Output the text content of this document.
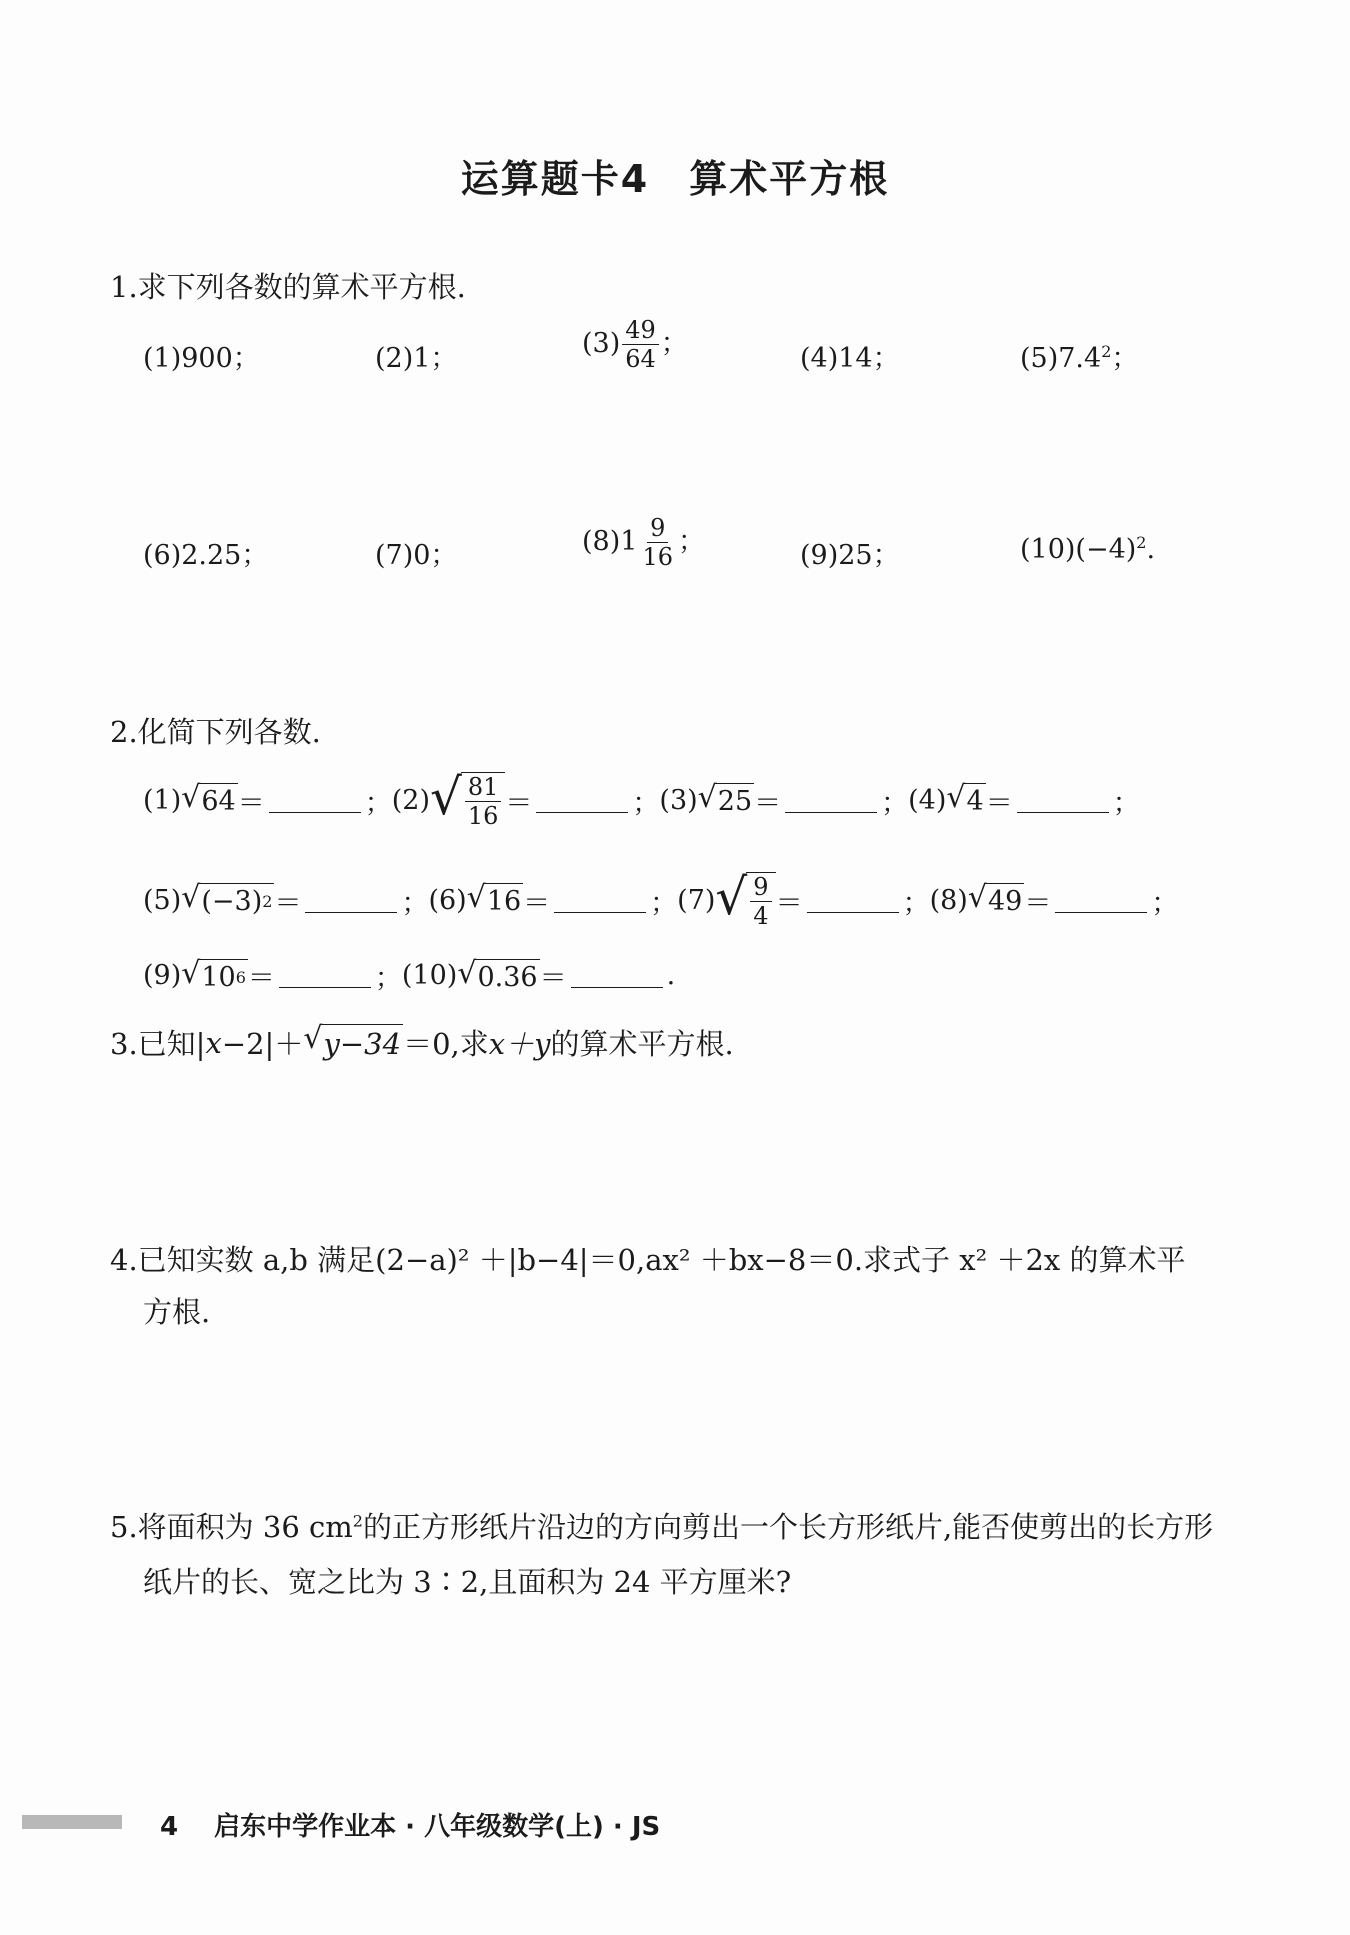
运算题卡4　算术平方根
1.求下列各数的算术平方根.
(1)900；	(2)1；	$(3) \frac{49}{64}$ ；	(4)14；	$(5)7.4^2$；
(6)2.25；	(7)0；	$(8)1 \frac{9}{16}$ ；	(9)25；	$(10)(-4)^2$.
2.化简下列各数.
(1) √ 64 ＝	； (2) √ $\frac{81}{16}$ ＝	； (3) √ 25 ＝	； (4) √ 4 ＝	；
(5) √ (−3) 2 ＝	； (6) √ 16 ＝	； (7) √ $\frac{9}{4}$ ＝	； (8) √ 49 ＝	；
(9) √ 10 6 ＝	； (10) √ 0.36 ＝	.
3.已知| x −2|＋ √ y−34 ＝0,求 x＋y 的算术平方根.
4.已知实数 a,b 满足(2−a)² ＋|b−4|＝0,ax² ＋bx−8＝0.求式子 x² ＋2x 的算术平
方根.
5.将面积为 36 $cm^2$的正方形纸片沿边的方向剪出一个长方形纸片,能否使剪出的长方形
纸片的长、宽之比为 3∶2,且面积为 24 平方厘米?
4 启东中学作业本 · 八年级数学(上) · JS
